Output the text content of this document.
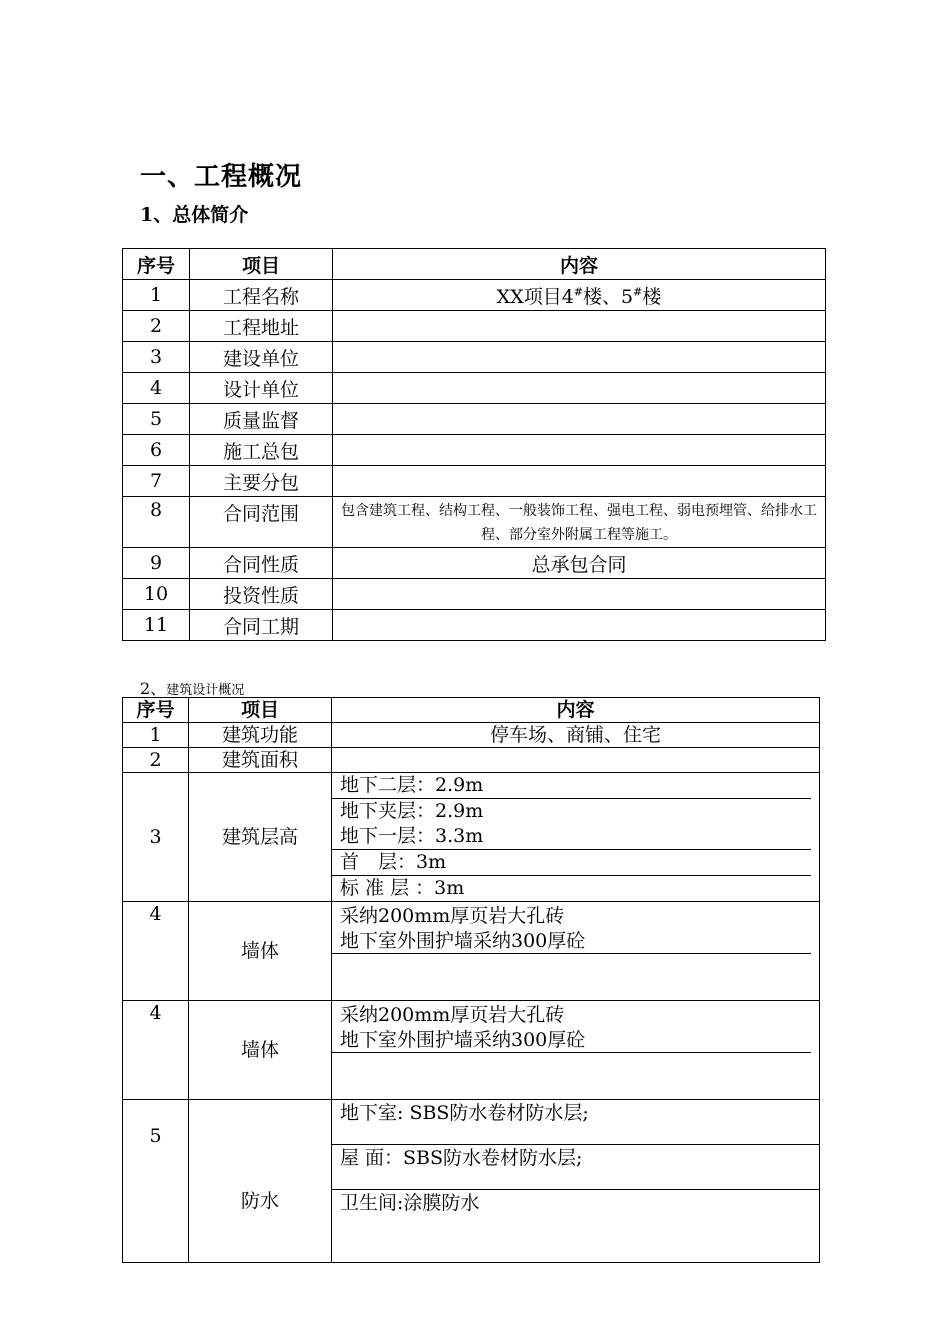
一、工程概况
1、总体简介
序号	项目	内容
1	工程名称	XX项目4#楼、5#楼
2	工程地址	
3	建设单位	
4	设计单位	
5	质量监督	
6	施工总包	
7	主要分包	
8	合同范围	包含建筑工程、结构工程、一般装饰工程、强电工程、弱电预埋管、给排水工程、部分室外附属工程等施工。
9	合同性质	总承包合同
10	投资性质	
11	合同工期	
2、建筑设计概况
序号	项目	内容
1	建筑功能	停车场、商铺、住宅
2	建筑面积	
3	建筑层高	地下二层：2.9m
地下夹层：2.9m
地下一层：3.3m
首　层：3m
标 准 层 ：3m

4	墙体	采纳200mm厚页岩大孔砖
地下室外围护墙采纳300厚砼

4	墙体	采纳200mm厚页岩大孔砖
地下室外围护墙采纳300厚砼

5	防水	地下室: SBS防水卷材防水层;
屋 面：SBS防水卷材防水层;
卫生间:涂膜防水
